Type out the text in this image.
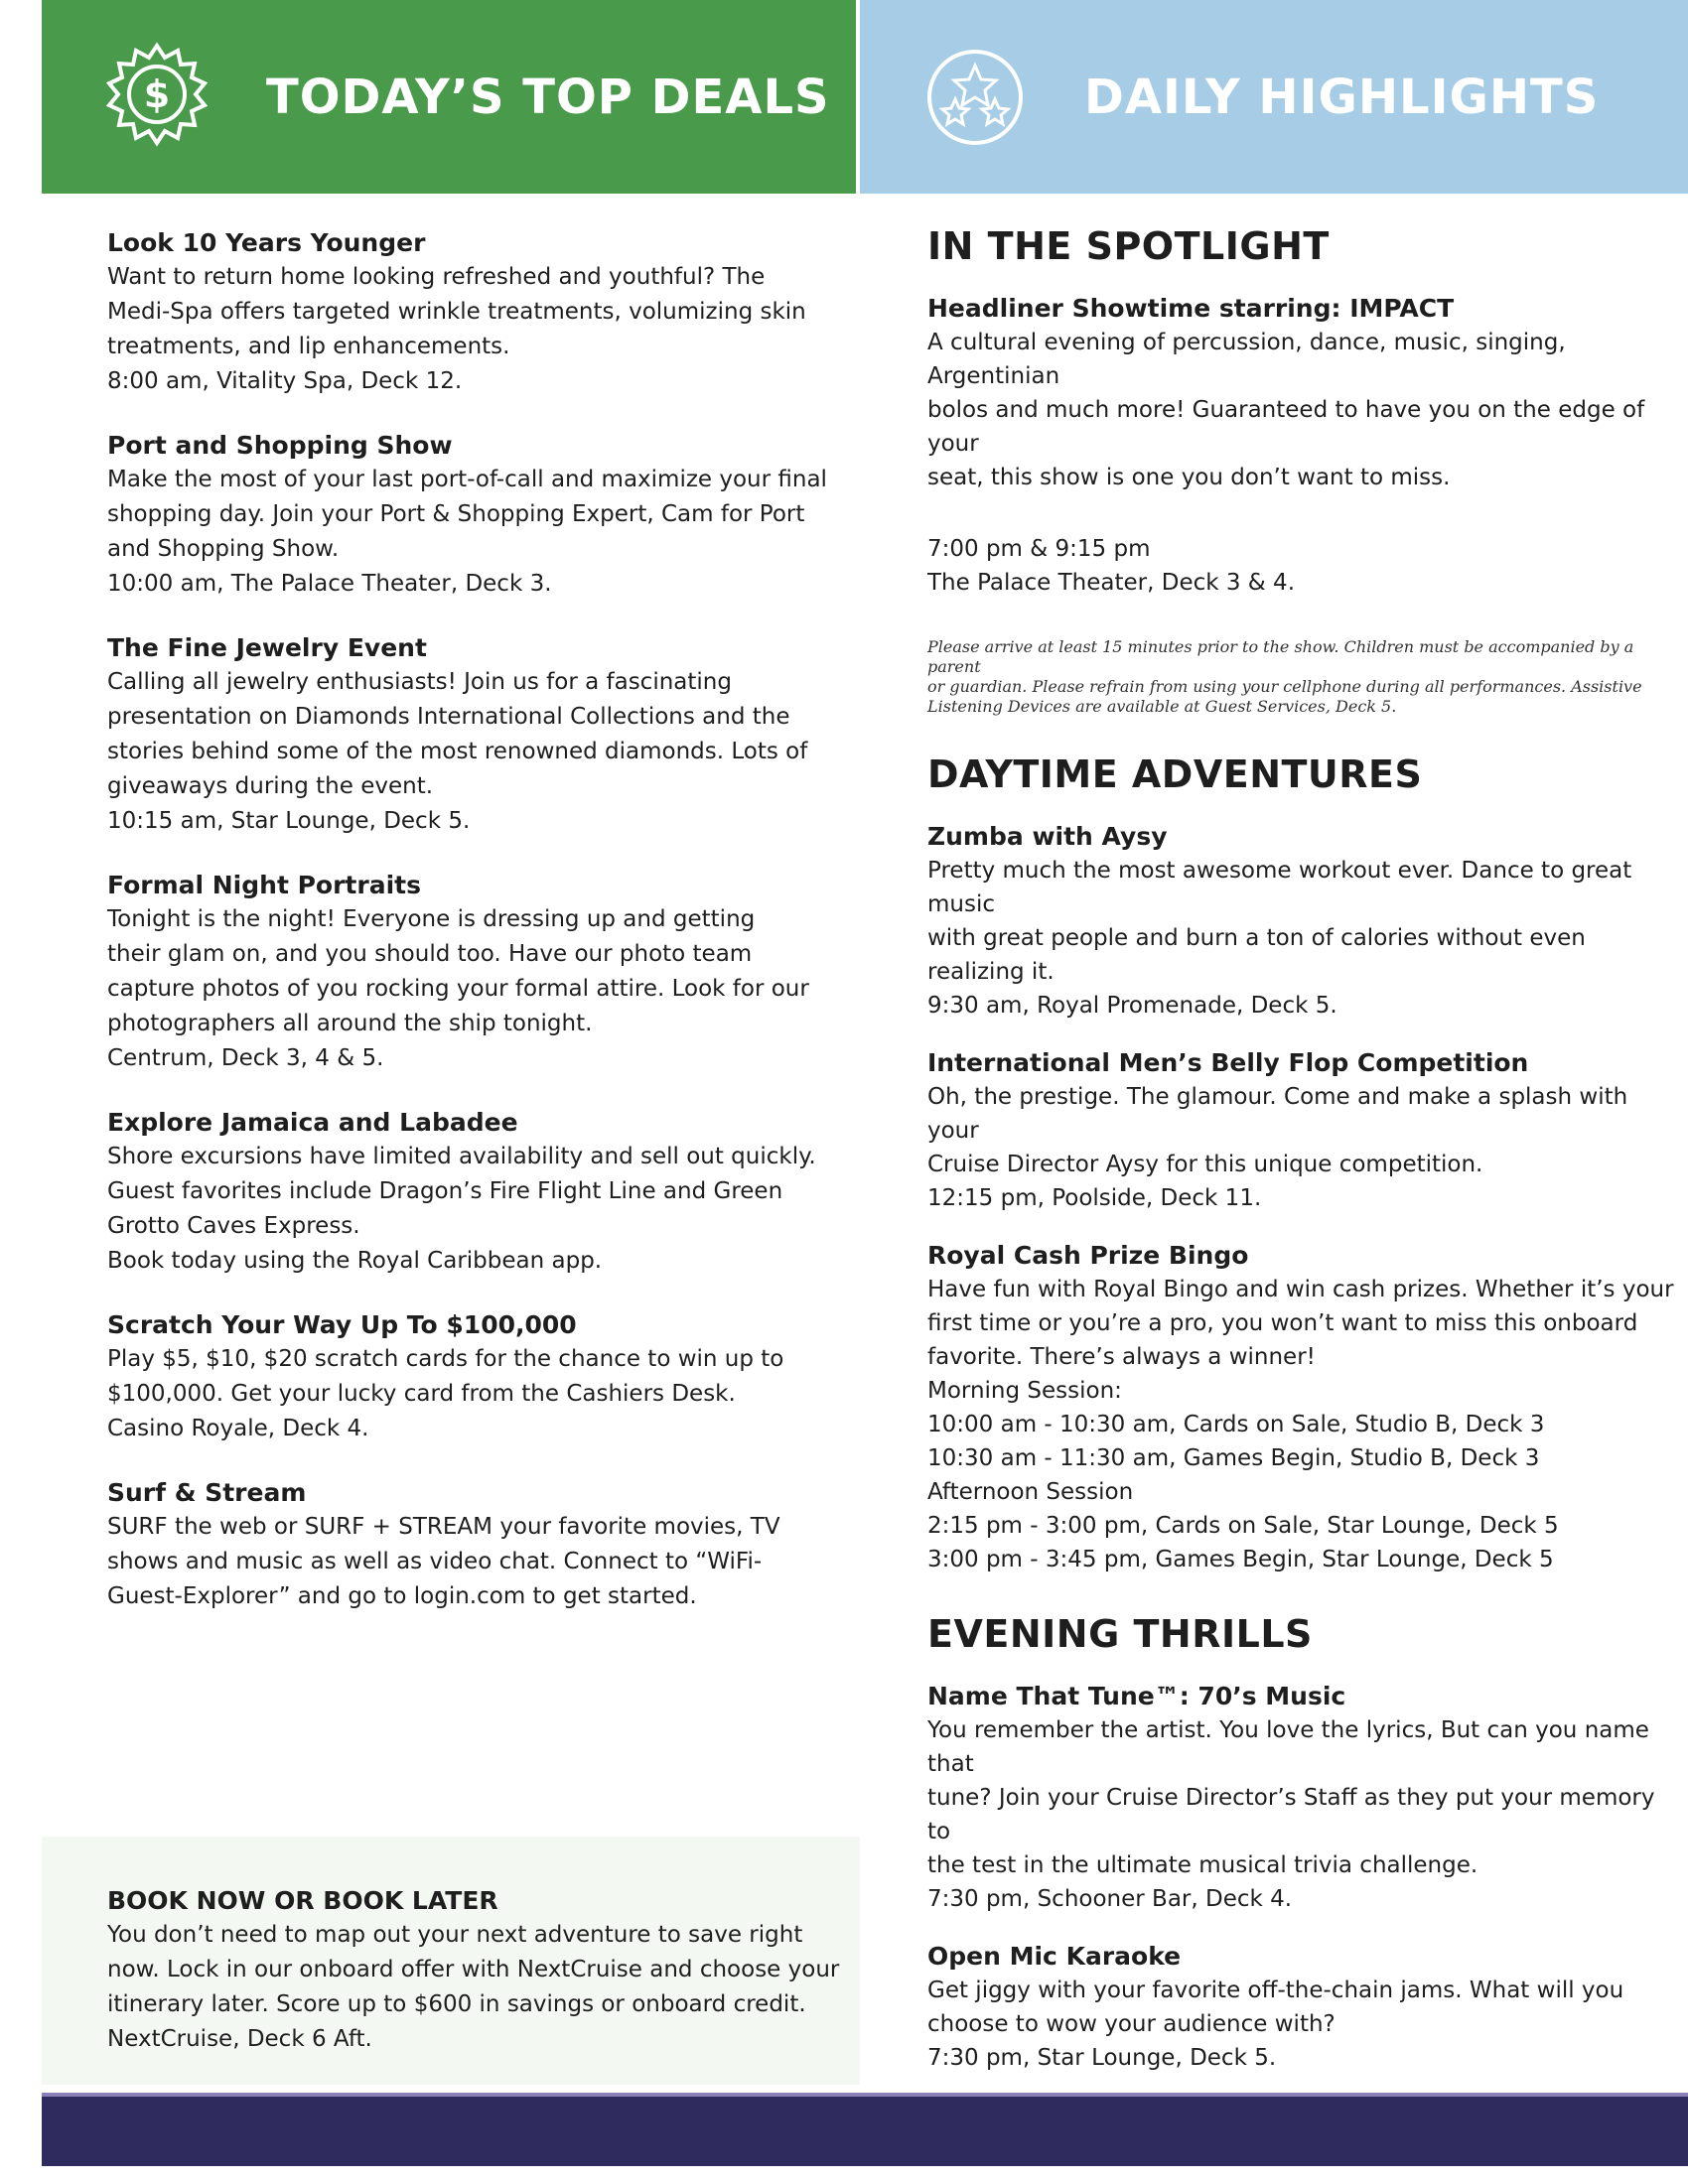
$ TODAY’S TOP DEALS	DAILY HIGHLIGHTS

Look 10 Years Younger

Want to return home looking refreshed and youthful? The

Medi-Spa offers targeted wrinkle treatments, volumizing skin

treatments, and lip enhancements.

8:00 am, Vitality Spa, Deck 12.

Port and Shopping Show

Make the most of your last port-of-call and maximize your final

shopping day. Join your Port & Shopping Expert, Cam for Port

and Shopping Show.

10:00 am, The Palace Theater, Deck 3.

The Fine Jewelry Event

Calling all jewelry enthusiasts! Join us for a fascinating

presentation on Diamonds International Collections and the

stories behind some of the most renowned diamonds. Lots of

giveaways during the event.

10:15 am, Star Lounge, Deck 5.

Formal Night Portraits

Tonight is the night! Everyone is dressing up and getting

their glam on, and you should too. Have our photo team

capture photos of you rocking your formal attire. Look for our

photographers all around the ship tonight.

Centrum, Deck 3, 4 & 5.

Explore Jamaica and Labadee

Shore excursions have limited availability and sell out quickly.

Guest favorites include Dragon’s Fire Flight Line and Green

Grotto Caves Express.

Book today using the Royal Caribbean app.

Scratch Your Way Up To $100,000

Play $5, $10, $20 scratch cards for the chance to win up to

$100,000. Get your lucky card from the Cashiers Desk.

Casino Royale, Deck 4.

Surf & Stream

SURF the web or SURF + STREAM your favorite movies, TV

shows and music as well as video chat. Connect to “WiFi-

Guest-Explorer” and go to login.com to get started.

BOOK NOW OR BOOK LATER

You don’t need to map out your next adventure to save right

now. Lock in our onboard offer with NextCruise and choose your

itinerary later. Score up to $600 in savings or onboard credit.

NextCruise, Deck 6 Aft.

IN THE SPOTLIGHT

Headliner Showtime starring: IMPACT

A cultural evening of percussion, dance, music, singing, Argentinian

bolos and much more! Guaranteed to have you on the edge of your

seat, this show is one you don’t want to miss.

7:00 pm & 9:15 pm

The Palace Theater, Deck 3 & 4.

Please arrive at least 15 minutes prior to the show. Children must be accompanied by a parent

or guardian. Please refrain from using your cellphone during all performances. Assistive

Listening Devices are available at Guest Services, Deck 5.

DAYTIME ADVENTURES

Zumba with Aysy

Pretty much the most awesome workout ever. Dance to great music

with great people and burn a ton of calories without even realizing it.

9:30 am, Royal Promenade, Deck 5.

International Men’s Belly Flop Competition

Oh, the prestige. The glamour. Come and make a splash with your

Cruise Director Aysy for this unique competition.

12:15 pm, Poolside, Deck 11.

Royal Cash Prize Bingo

Have fun with Royal Bingo and win cash prizes. Whether it’s your

first time or you’re a pro, you won’t want to miss this onboard

favorite. There’s always a winner!

Morning Session:

10:00 am - 10:30 am, Cards on Sale, Studio B, Deck 3

10:30 am - 11:30 am, Games Begin, Studio B, Deck 3

Afternoon Session

2:15 pm - 3:00 pm, Cards on Sale, Star Lounge, Deck 5

3:00 pm - 3:45 pm, Games Begin, Star Lounge, Deck 5

EVENING THRILLS

Name That Tune™: 70’s Music

You remember the artist. You love the lyrics, But can you name that

tune? Join your Cruise Director’s Staff as they put your memory to

the test in the ultimate musical trivia challenge.

7:30 pm, Schooner Bar, Deck 4.

Open Mic Karaoke

Get jiggy with your favorite off-the-chain jams. What will you

choose to wow your audience with?

7:30 pm, Star Lounge, Deck 5.
